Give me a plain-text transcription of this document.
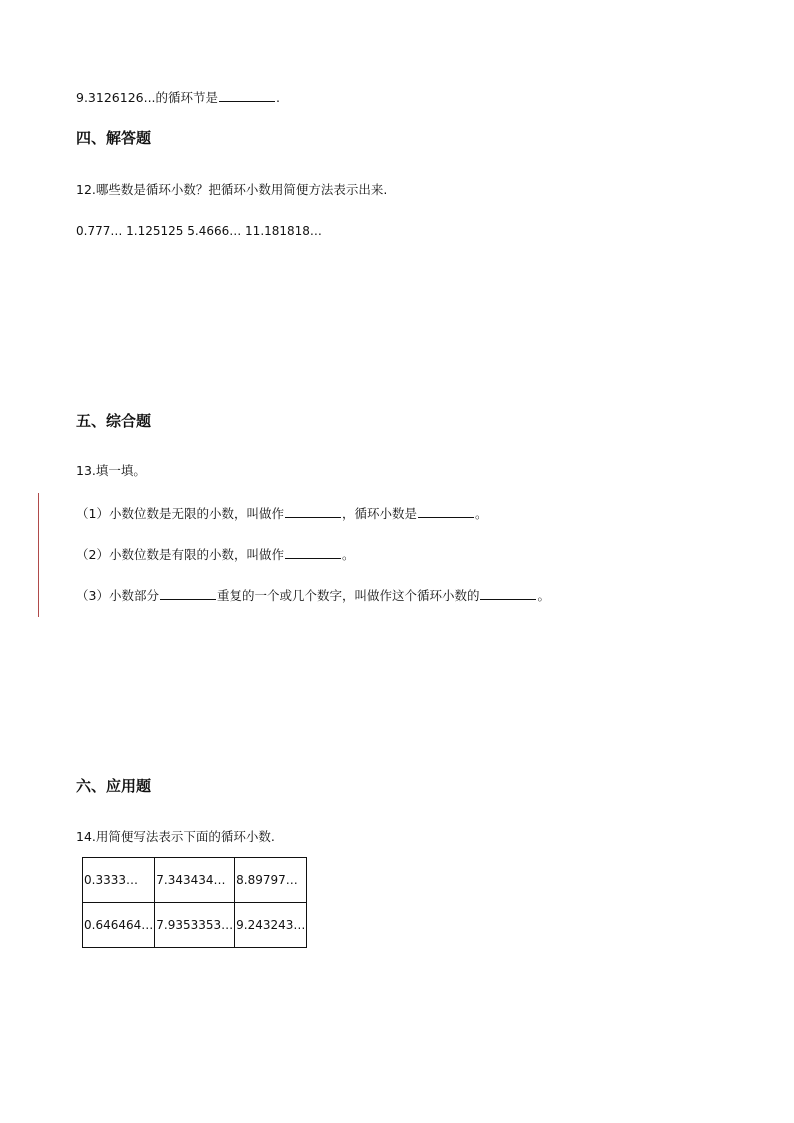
9.3126126...的循环节是	.
四、解答题
12.哪些数是循环小数？把循环小数用简便方法表示出来.
0.777… 1.125125 5.4666… 11.181818…
五、综合题
13.填一填。
（1）小数位数是无限的小数，叫做作	，循环小数是	。
（2）小数位数是有限的小数，叫做作	。
（3）小数部分	重复的一个或几个数字，叫做作这个循环小数的	。
六、应用题
14.用简便写法表示下面的循环小数.
0.3333…	7.343434…	8.89797…
0.646464…	7.9353353…	9.243243…
